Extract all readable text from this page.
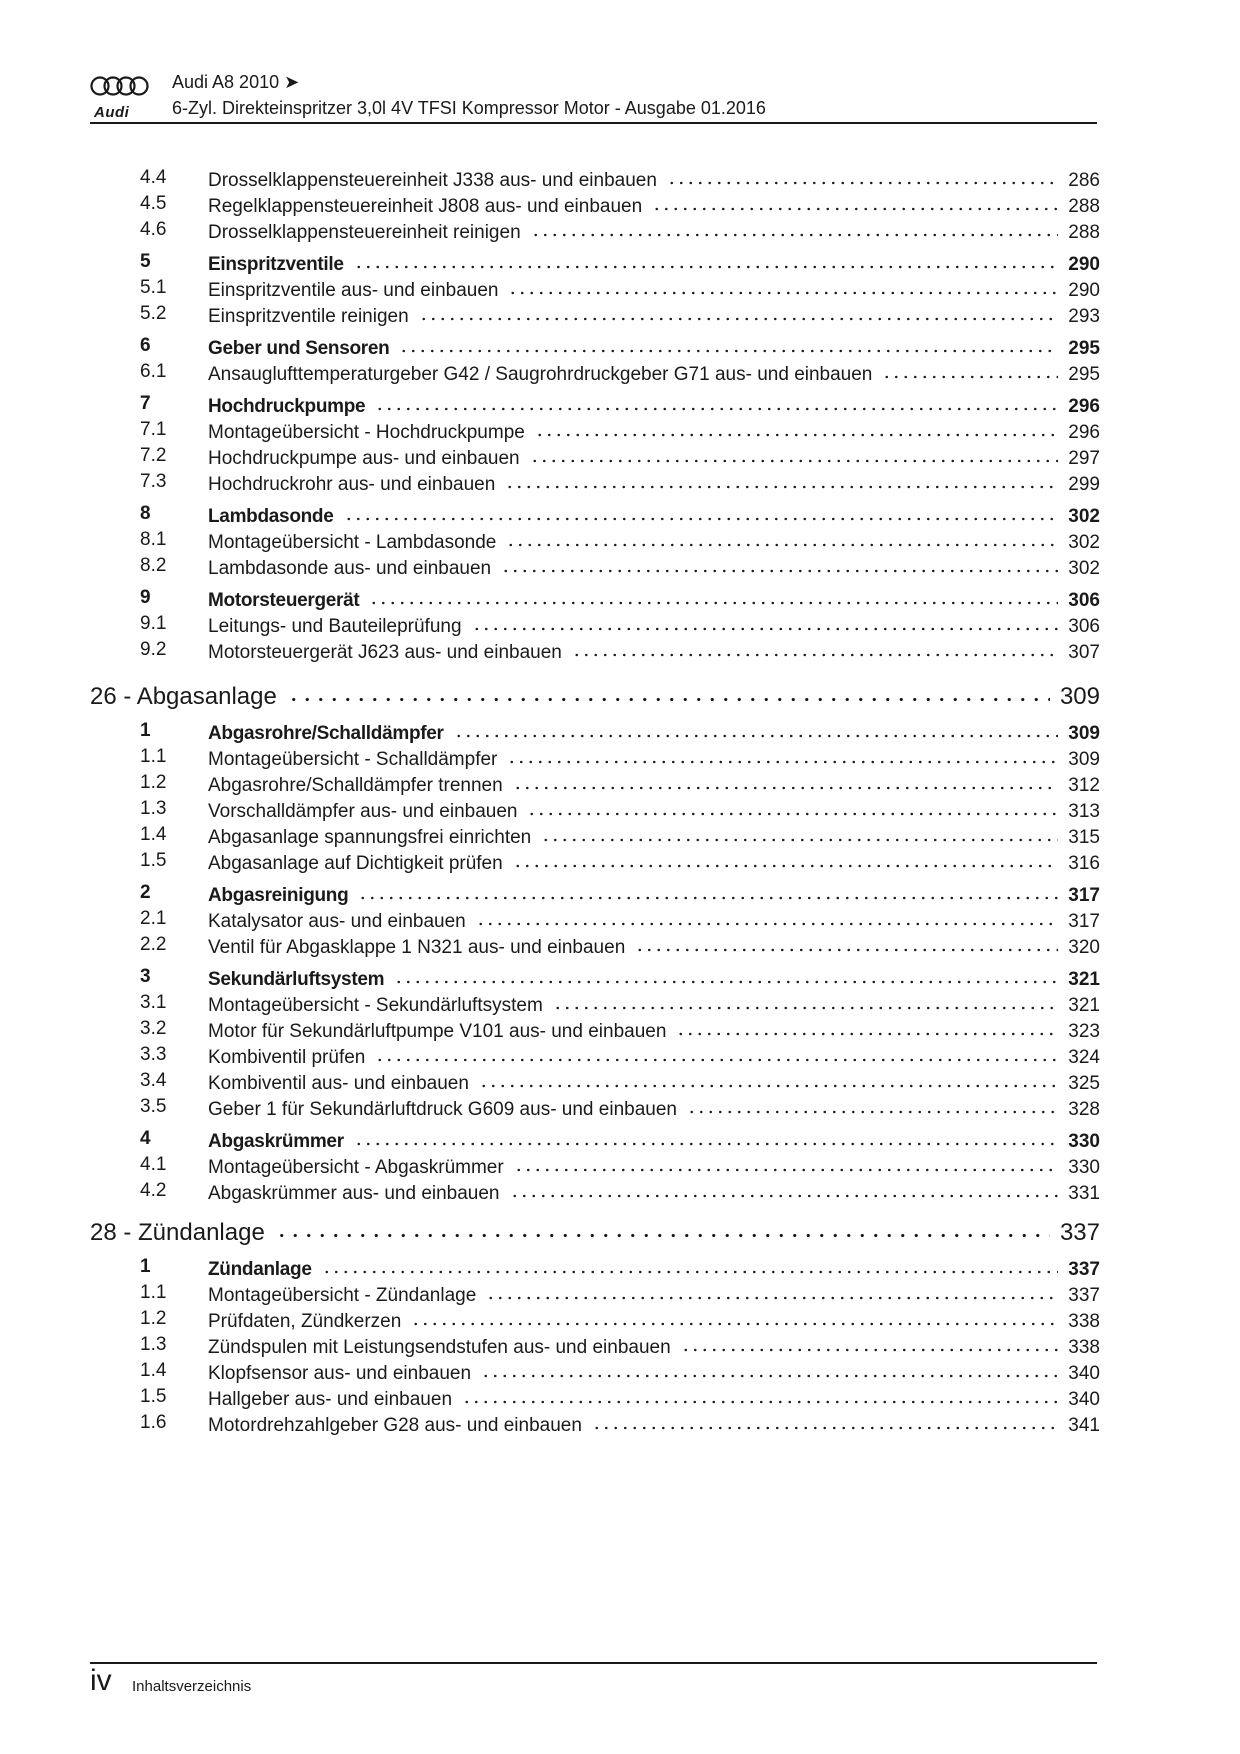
Audi
Audi A8 2010 ➤
6-Zyl. Direkteinspritzer 3,0l 4V TFSI Kompressor Motor - Ausgabe 01.2016
4.4 Drosselklappensteuereinheit J338 aus- und einbauen	286
4.5 Regelklappensteuereinheit J808 aus- und einbauen	288
4.6 Drosselklappensteuereinheit reinigen	288
5	Einspritzventile	290
5.1 Einspritzventile aus- und einbauen	290
5.2 Einspritzventile reinigen	293
6	Geber und Sensoren	295
6.1 Ansauglufttemperaturgeber G42 / Saugrohrdruckgeber G71 aus- und einbauen	295
7	Hochdruckpumpe	296
7.1 Montageübersicht - Hochdruckpumpe	296
7.2 Hochdruckpumpe aus- und einbauen	297
7.3 Hochdruckrohr aus- und einbauen	299
8	Lambdasonde	302
8.1 Montageübersicht - Lambdasonde	302
8.2 Lambdasonde aus- und einbauen	302
9	Motorsteuergerät	306
9.1 Leitungs- und Bauteileprüfung	306
9.2 Motorsteuergerät J623 aus- und einbauen	307
26 - Abgasanlage	309
1	Abgasrohre/Schalldämpfer	309
1.1 Montageübersicht - Schalldämpfer	309
1.2 Abgasrohre/Schalldämpfer trennen	312
1.3 Vorschalldämpfer aus- und einbauen	313
1.4 Abgasanlage spannungsfrei einrichten	315
1.5 Abgasanlage auf Dichtigkeit prüfen	316
2	Abgasreinigung	317
2.1 Katalysator aus- und einbauen	317
2.2 Ventil für Abgasklappe 1 N321 aus- und einbauen	320
3	Sekundärluftsystem	321
3.1 Montageübersicht - Sekundärluftsystem	321
3.2 Motor für Sekundärluftpumpe V101 aus- und einbauen	323
3.3 Kombiventil prüfen	324
3.4 Kombiventil aus- und einbauen	325
3.5 Geber 1 für Sekundärluftdruck G609 aus- und einbauen	328
4	Abgaskrümmer	330
4.1 Montageübersicht - Abgaskrümmer	330
4.2 Abgaskrümmer aus- und einbauen	331
28 - Zündanlage	337
1	Zündanlage	337
1.1 Montageübersicht - Zündanlage	337
1.2 Prüfdaten, Zündkerzen	338
1.3 Zündspulen mit Leistungsendstufen aus- und einbauen	338
1.4 Klopfsensor aus- und einbauen	340
1.5 Hallgeber aus- und einbauen	340
1.6 Motordrehzahlgeber G28 aus- und einbauen	341
iv Inhaltsverzeichnis
